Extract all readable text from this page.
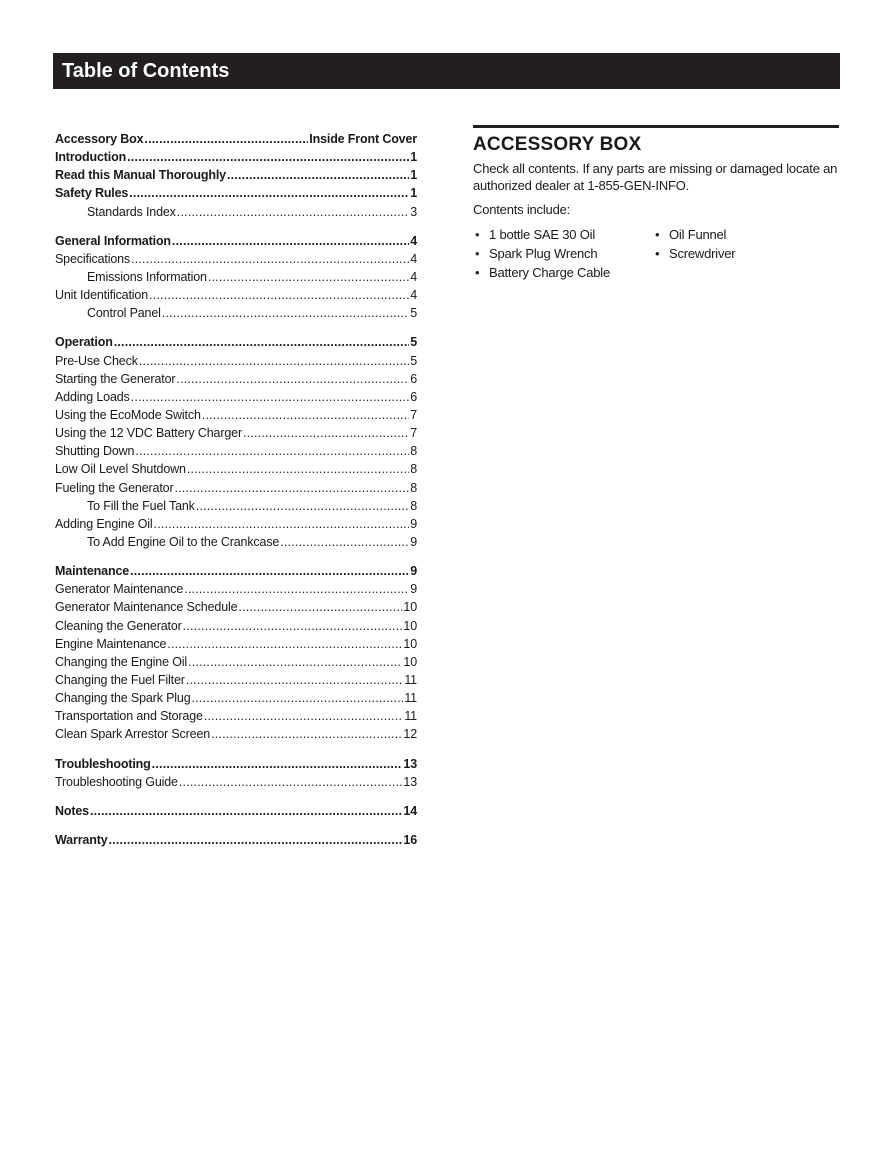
Table of Contents
Accessory Box .....	Inside Front Cover
Introduction .....	1
Read this Manual Thoroughly .....	1
Safety Rules .....	1
Standards Index .....	3
General Information .....	4
Specifications .....	4
Emissions Information .....	4
Unit Identification .....	4
Control Panel .....	5
Operation .....	5
Pre-Use Check .....	5
Starting the Generator .....	6
Adding Loads .....	6
Using the EcoMode Switch .....	7
Using the 12 VDC Battery Charger .....	7
Shutting Down .....	8
Low Oil Level Shutdown .....	8
Fueling the Generator .....	8
To Fill the Fuel Tank .....	8
Adding Engine Oil .....	9
To Add Engine Oil to the Crankcase .....	9
Maintenance .....	9
Generator Maintenance .....	9
Generator Maintenance Schedule .....	10
Cleaning the Generator .....	10
Engine Maintenance .....	10
Changing the Engine Oil .....	10
Changing the Fuel Filter .....	11
Changing the Spark Plug .....	11
Transportation and Storage .....	11
Clean Spark Arrestor Screen .....	12
Troubleshooting .....	13
Troubleshooting Guide .....	13
Notes .....	14
Warranty .....	16
ACCESSORY BOX
Check all contents. If any parts are missing or damaged locate an authorized dealer at 1-855-GEN-INFO.
Contents include:
• 1 bottle SAE 30 Oil	• Oil Funnel
• Spark Plug Wrench	• Screwdriver
• Battery Charge Cable
